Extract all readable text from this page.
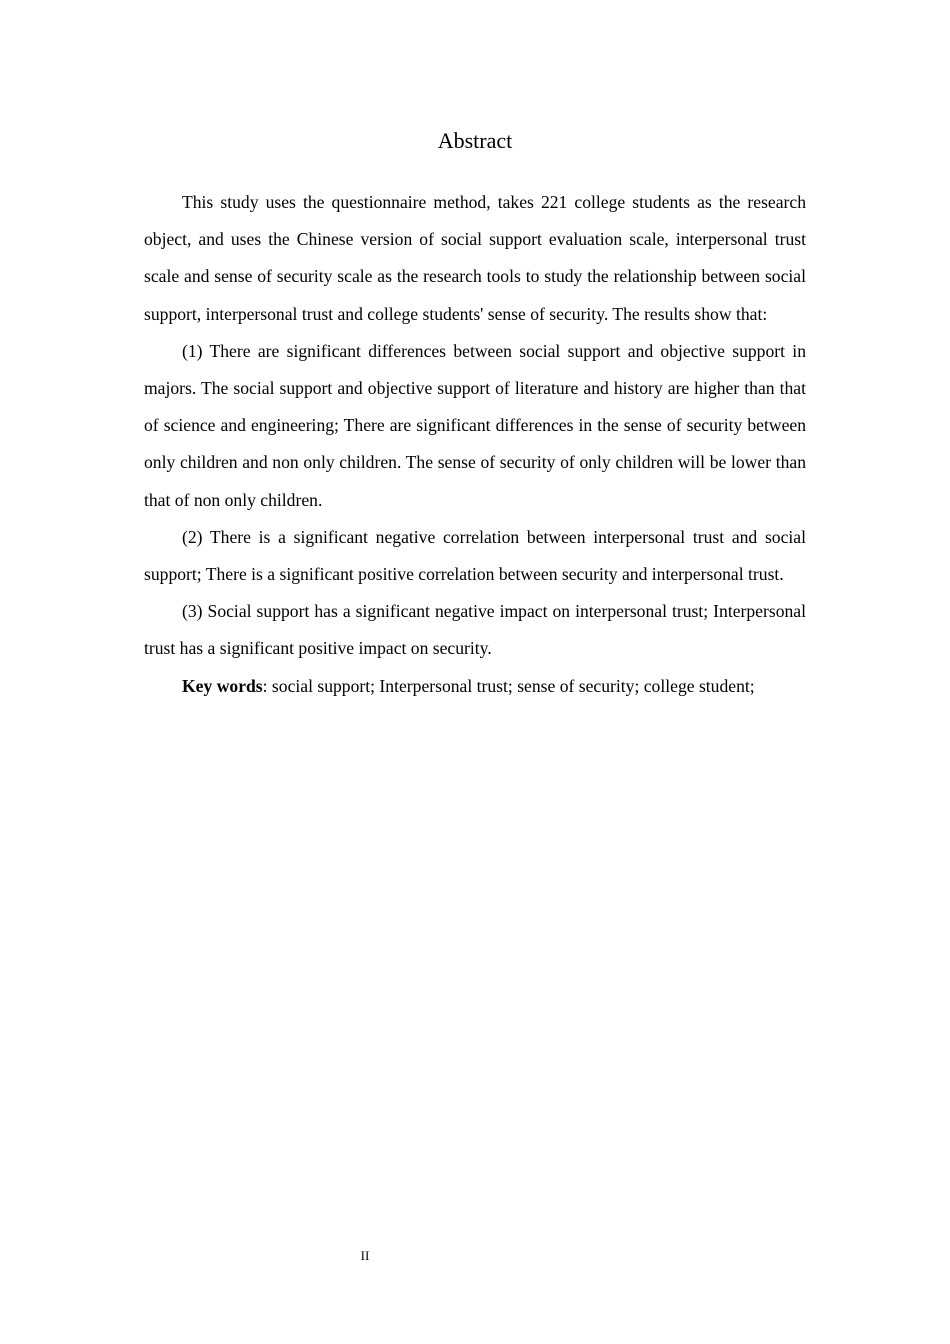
Abstract

This study uses the questionnaire method, takes 221 college students as the research object, and uses the Chinese version of social support evaluation scale, interpersonal trust scale and sense of security scale as the research tools to study the relationship between social support, interpersonal trust and college students' sense of security. The results show that:

(1) There are significant differences between social support and objective support in majors. The social support and objective support of literature and history are higher than that of science and engineering; There are significant differences in the sense of security between only children and non only children. The sense of security of only children will be lower than that of non only children.

(2) There is a significant negative correlation between interpersonal trust and social support; There is a significant positive correlation between security and interpersonal trust.

(3) Social support has a significant negative impact on interpersonal trust; Interpersonal trust has a significant positive impact on security.

Key words: social support; Interpersonal trust; sense of security; college student;

II
